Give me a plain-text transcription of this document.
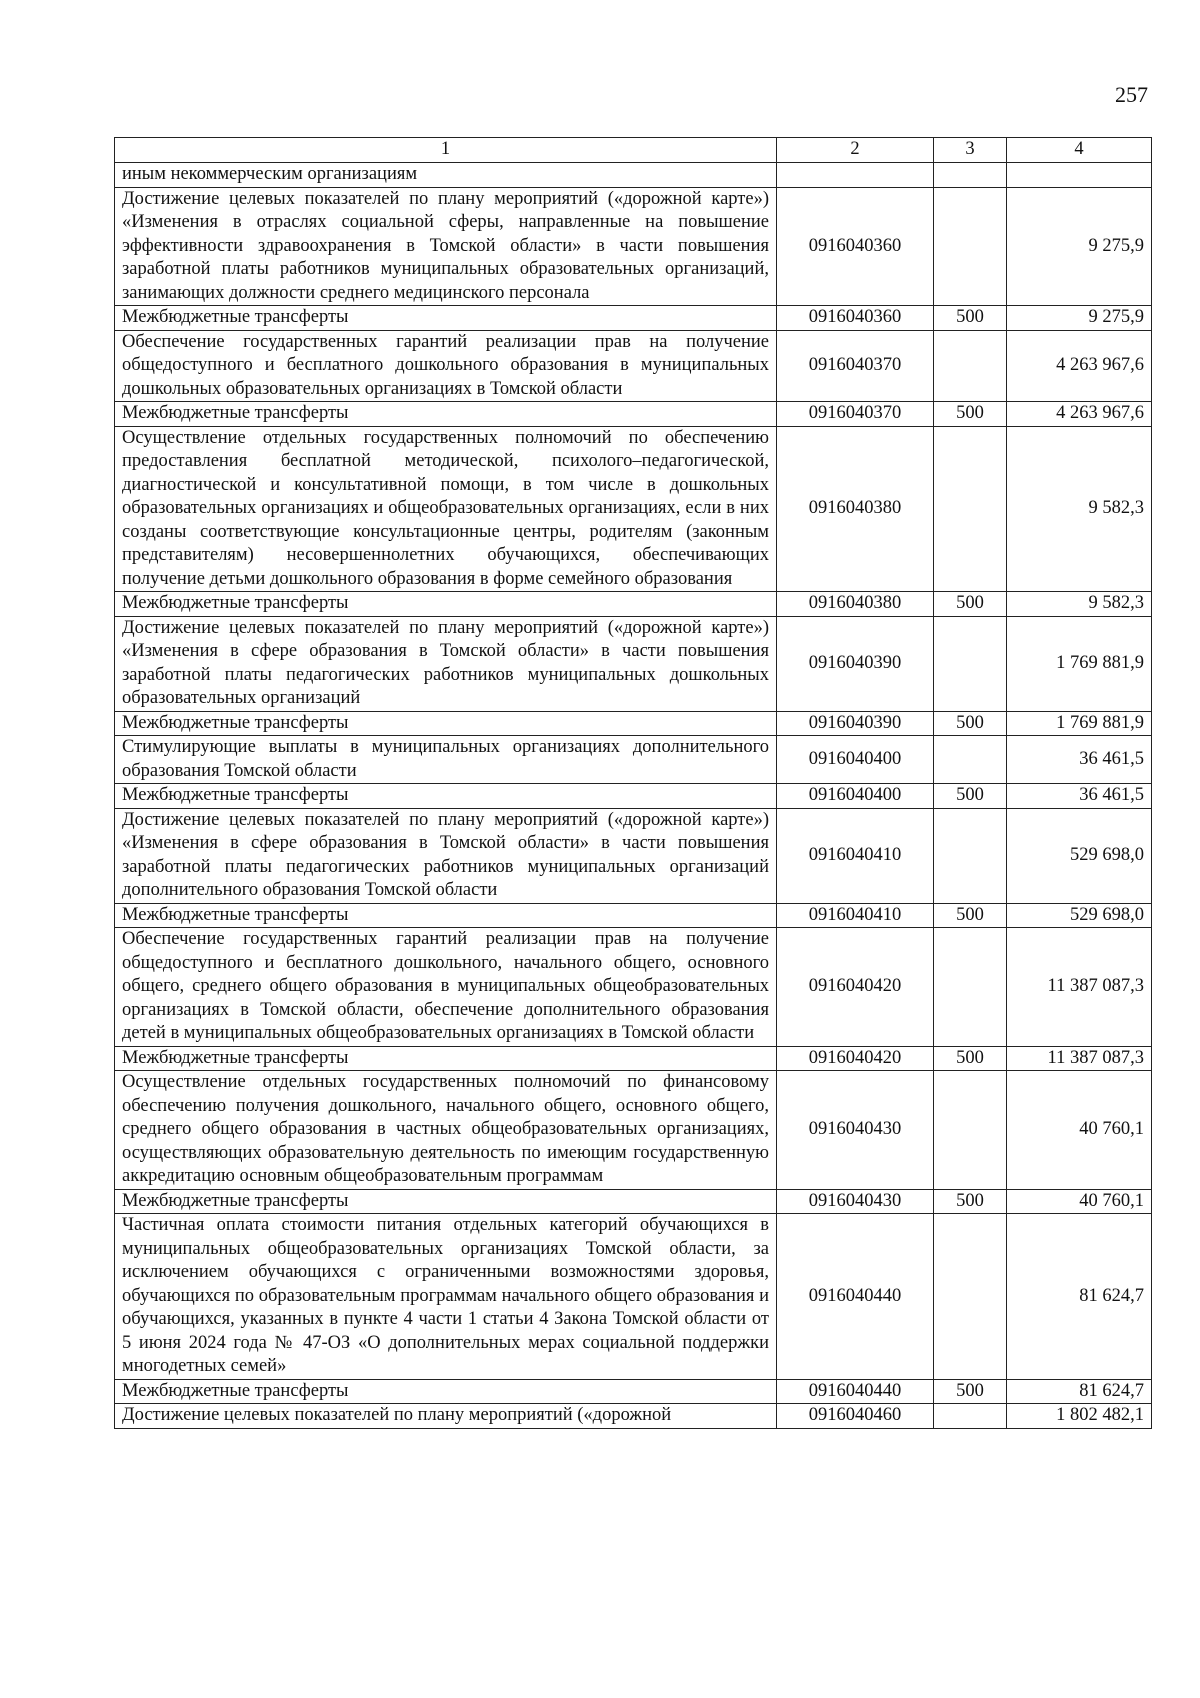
257
1	2	3	4
иным некоммерческим организациям			
Достижение целевых показателей по плану мероприятий («дорожной карте») «Изменения в отраслях социальной сферы, направленные на повышение эффективности здравоохранения в Томской области» в части повышения заработной платы работников муниципальных образовательных организаций, занимающих должности среднего медицинского персонала	0916040360		9 275,9
Межбюджетные трансферты	0916040360	500	9 275,9
Обеспечение государственных гарантий реализации прав на получение общедоступного и бесплатного дошкольного образования в муниципальных дошкольных образовательных организациях в Томской области	0916040370		4 263 967,6
Межбюджетные трансферты	0916040370	500	4 263 967,6
Осуществление отдельных государственных полномочий по обеспечению предоставления бесплатной методической, психолого–педагогической, диагностической и консультативной помощи, в том числе в дошкольных образовательных организациях и общеобразовательных организациях, если в них созданы соответствующие консультационные центры, родителям (законным представителям) несовершеннолетних обучающихся, обеспечивающих получение детьми дошкольного образования в форме семейного образования	0916040380		9 582,3
Межбюджетные трансферты	0916040380	500	9 582,3
Достижение целевых показателей по плану мероприятий («дорожной карте») «Изменения в сфере образования в Томской области» в части повышения заработной платы педагогических работников муниципальных дошкольных образовательных организаций	0916040390		1 769 881,9
Межбюджетные трансферты	0916040390	500	1 769 881,9
Стимулирующие выплаты в муниципальных организациях дополнительного образования Томской области	0916040400		36 461,5
Межбюджетные трансферты	0916040400	500	36 461,5
Достижение целевых показателей по плану мероприятий («дорожной карте») «Изменения в сфере образования в Томской области» в части повышения заработной платы педагогических работников муниципальных организаций дополнительного образования Томской области	0916040410		529 698,0
Межбюджетные трансферты	0916040410	500	529 698,0
Обеспечение государственных гарантий реализации прав на получение общедоступного и бесплатного дошкольного, начального общего, основного общего, среднего общего образования в муниципальных общеобразовательных организациях в Томской области, обеспечение дополнительного образования детей в муниципальных общеобразовательных организациях в Томской области	0916040420		11 387 087,3
Межбюджетные трансферты	0916040420	500	11 387 087,3
Осуществление отдельных государственных полномочий по финансовому обеспечению получения дошкольного, начального общего, основного общего, среднего общего образования в частных общеобразовательных организациях, осуществляющих образовательную деятельность по имеющим государственную аккредитацию основным общеобразовательным программам	0916040430		40 760,1
Межбюджетные трансферты	0916040430	500	40 760,1
Частичная оплата стоимости питания отдельных категорий обучающихся в муниципальных общеобразовательных организациях Томской области, за исключением обучающихся с ограниченными возможностями здоровья, обучающихся по образовательным программам начального общего образования и обучающихся, указанных в пункте 4 части 1 статьи 4 Закона Томской области от 5 июня 2024 года № 47-ОЗ «О дополнительных мерах социальной поддержки многодетных семей»	0916040440		81 624,7
Межбюджетные трансферты	0916040440	500	81 624,7
Достижение целевых показателей по плану мероприятий («дорожной	0916040460		1 802 482,1
